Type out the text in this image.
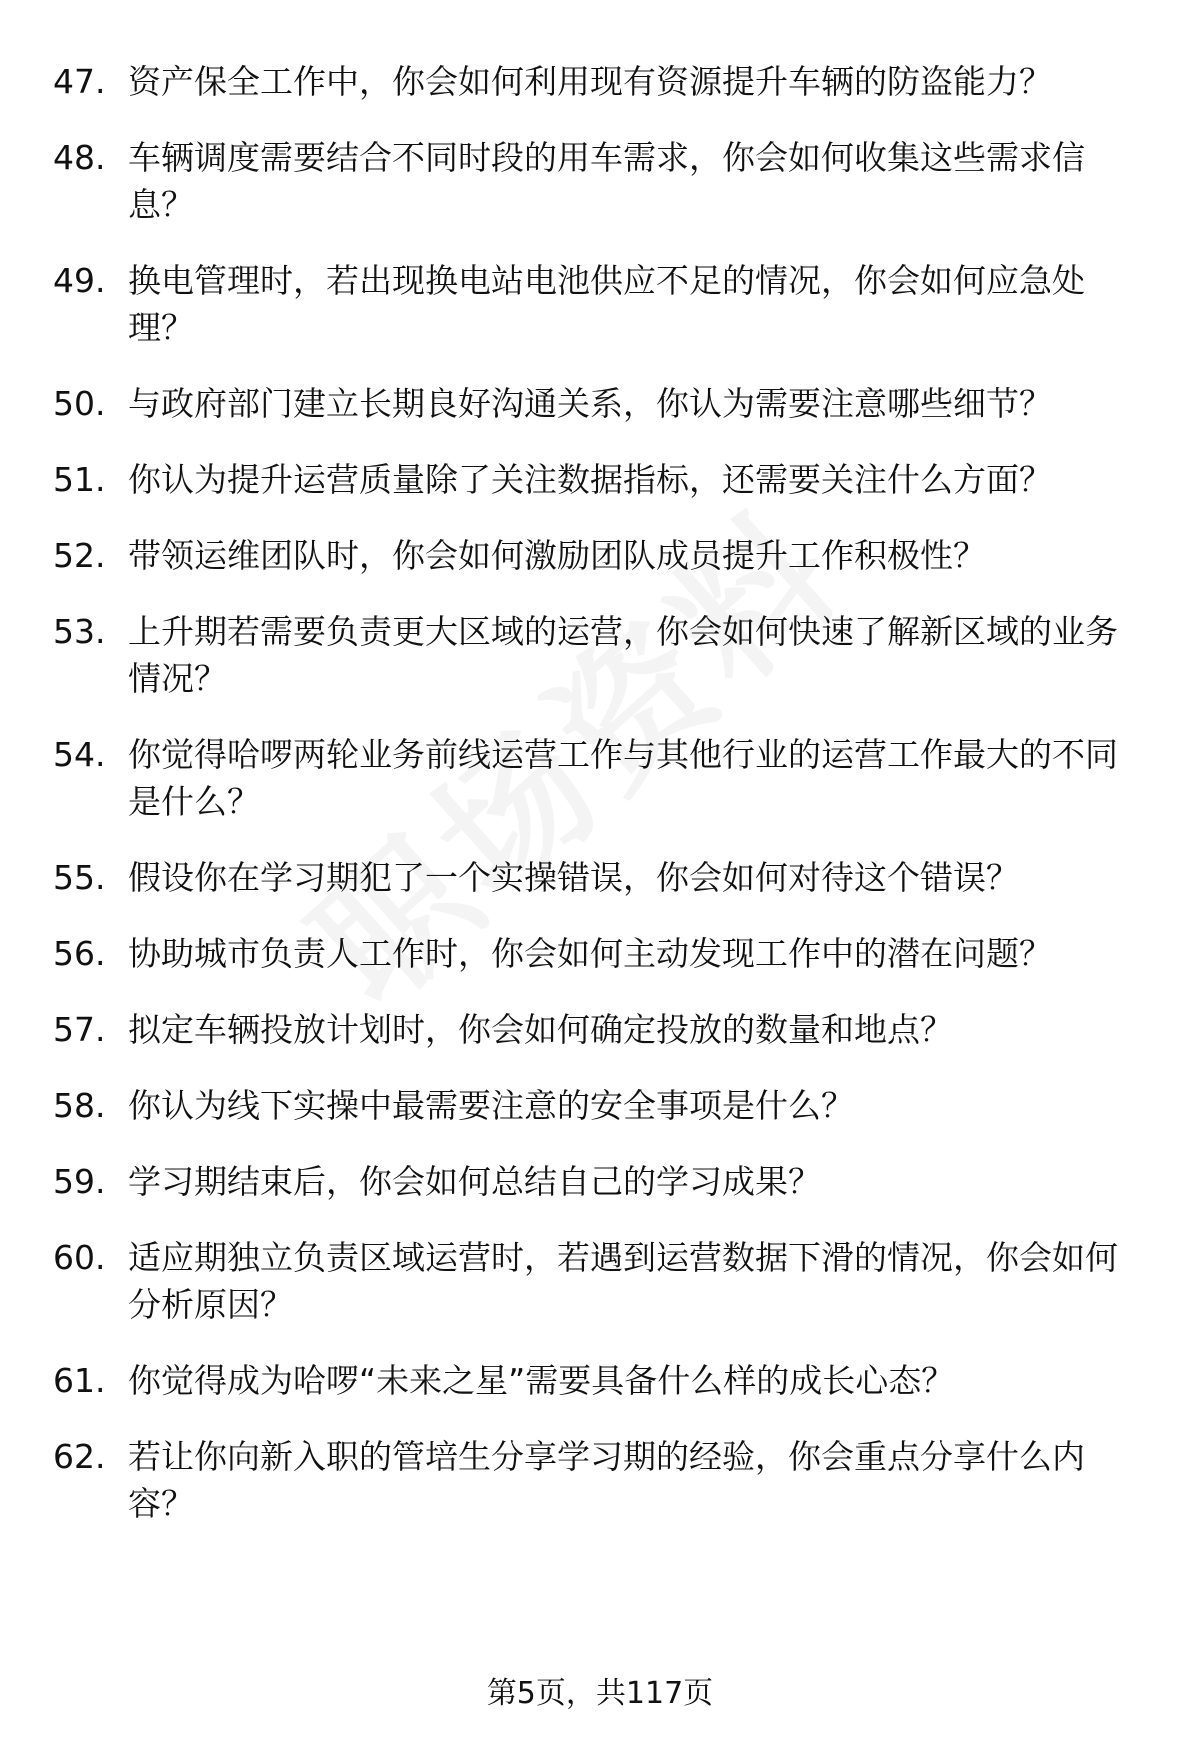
47. 资产保全工作中，你会如何利用现有资源提升车辆的防盗能力？
48. 车辆调度需要结合不同时段的用车需求，你会如何收集这些需求信息？
49. 换电管理时，若出现换电站电池供应不足的情况，你会如何应急处理？
50. 与政府部门建立长期良好沟通关系，你认为需要注意哪些细节？
51. 你认为提升运营质量除了关注数据指标，还需要关注什么方面？
52. 带领运维团队时，你会如何激励团队成员提升工作积极性？
53. 上升期若需要负责更大区域的运营，你会如何快速了解新区域的业务情况？
54. 你觉得哈啰两轮业务前线运营工作与其他行业的运营工作最大的不同是什么？
55. 假设你在学习期犯了一个实操错误，你会如何对待这个错误？
56. 协助城市负责人工作时，你会如何主动发现工作中的潜在问题？
57. 拟定车辆投放计划时，你会如何确定投放的数量和地点？
58. 你认为线下实操中最需要注意的安全事项是什么？
59. 学习期结束后，你会如何总结自己的学习成果？
60. 适应期独立负责区域运营时，若遇到运营数据下滑的情况，你会如何分析原因？
61. 你觉得成为哈啰“未来之星”需要具备什么样的成长心态？
62. 若让你向新入职的管培生分享学习期的经验，你会重点分享什么内容？
第5页，共117页
